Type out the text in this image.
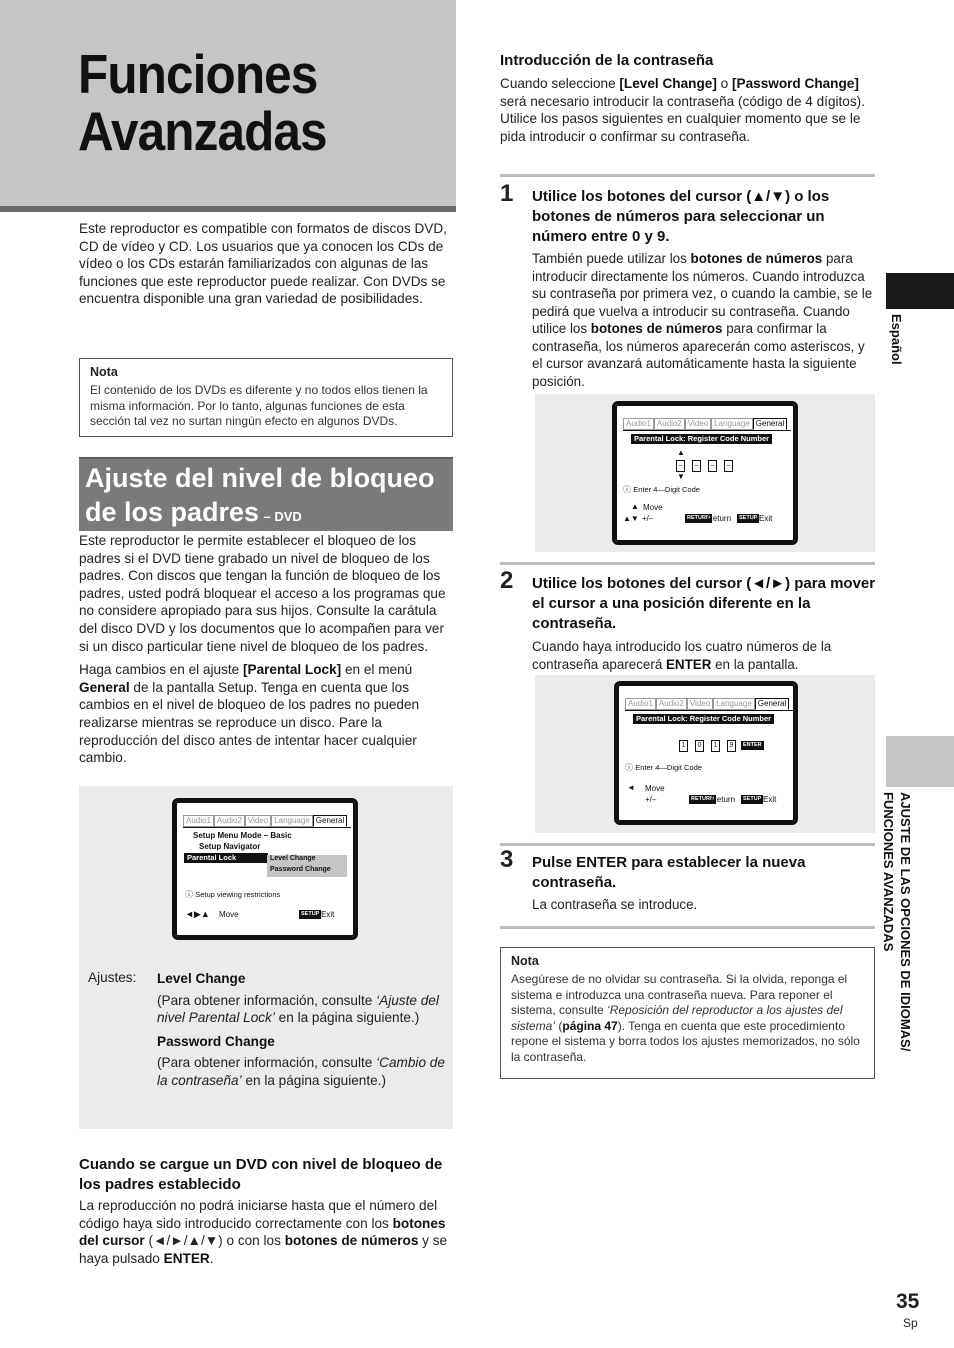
Funciones
Avanzadas
Este reproductor es compatible con formatos de discos DVD, CD de vídeo y CD. Los usuarios que ya conocen los CDs de vídeo o los CDs estarán familiarizados con algunas de las funciones que este reproductor puede realizar. Con DVDs se encuentra disponible una gran variedad de posibilidades.
Nota
El contenido de los DVDs es diferente y no todos ellos tienen la misma información. Por lo tanto, algunas funciones de esta sección tal vez no surtan ningún efecto en algunos DVDs.
Ajuste del nivel de bloqueo de los padres – DVD

Este reproductor le permite establecer el bloqueo de los padres si el DVD tiene grabado un nivel de bloqueo de los padres. Con discos que tengan la función de bloqueo de los padres, usted podrá bloquear el acceso a los programas que no considere apropiado para sus hijos. Consulte la carátula del disco DVD y los documentos que lo acompañen para ver si un disco particular tiene nivel de bloqueo de los padres.

Haga cambios en el ajuste [Parental Lock] en el menú General de la pantalla Setup. Tenga en cuenta que los cambios en el nivel de bloqueo de los padres no pueden realizarse mientras se reproduce un disco. Pare la reproducción del disco antes de intentar hacer cualquier cambio.

Audio1 Audio2 Video Language General
Setup Menu Mode – Basic
Setup Navigator
Parental Lock	Level Change
Password Change
ⓘ Setup viewing restrictions
◄▶▲ Move	SETUP Exit
Ajustes: Level Change

(Para obtener información, consulte ‘Ajuste del nivel Parental Lock’ en la página siguiente.)

Password Change

(Para obtener información, consulte ‘Cambio de la contraseña’ en la página siguiente.)

Cuando se cargue un DVD con nivel de bloqueo de los padres establecido
La reproducción no podrá iniciarse hasta que el número del código haya sido introducido correctamente con los botones del cursor (◄/►/▲/▼) o con los botones de números y se haya pulsado ENTER.
Introducción de la contraseña
Cuando seleccione [Level Change] o [Password Change] será necesario introducir la contraseña (código de 4 dígitos). Utilice los pasos siguientes en cualquier momento que se le pida introducir o confirmar su contraseña.
1 Utilice los botones del cursor (▲/▼) o los botones de números para seleccionar un número entre 0 y 9.
También puede utilizar los botones de números para introducir directamente los números. Cuando introduzca su contraseña por primera vez, o cuando la cambie, se le pedirá que vuelva a introducir su contraseña. Cuando utilice los botones de números para confirmar la contraseña, los números aparecerán como asteriscos, y el cursor avanzará automáticamente hasta la siguiente posición.
Audio1 Audio2 Video Language General
Parental Lock: Register Code Number
▲
–	–	–	–
▼
ⓘ Enter 4—Digit Code
▲ Move
▲▼ +/–	RETURN
Return	SETUP Exit
2 Utilice los botones del cursor (◄/►) para mover el cursor a una posición diferente en la contraseña.
Cuando haya introducido los cuatro números de la contraseña aparecerá ENTER en la pantalla.
Audio1 Audio2 Video Language General
Parental Lock: Register Code Number
1	0	1	9	ENTER
ⓘ Enter 4—Digit Code
◄ Move
+/–	RETURN
Return	SETUP Exit
3 Pulse ENTER para establecer la nueva contraseña.
La contraseña se introduce.
Nota
Asegúrese de no olvidar su contraseña. Si la olvida, reponga el sistema e introduzca una contraseña nueva. Para reponer el sistema, consulte ‘Reposición del reproductor a los ajustes del sistema’ (página 47). Tenga en cuenta que este procedimiento repone el sistema y borra todos los ajustes memorizados, no sólo la contraseña.
Español
AJUSTE DE LAS OPCIONES DE IDIOMAS/ FUNCIONES AVANZADAS
35
Sp
